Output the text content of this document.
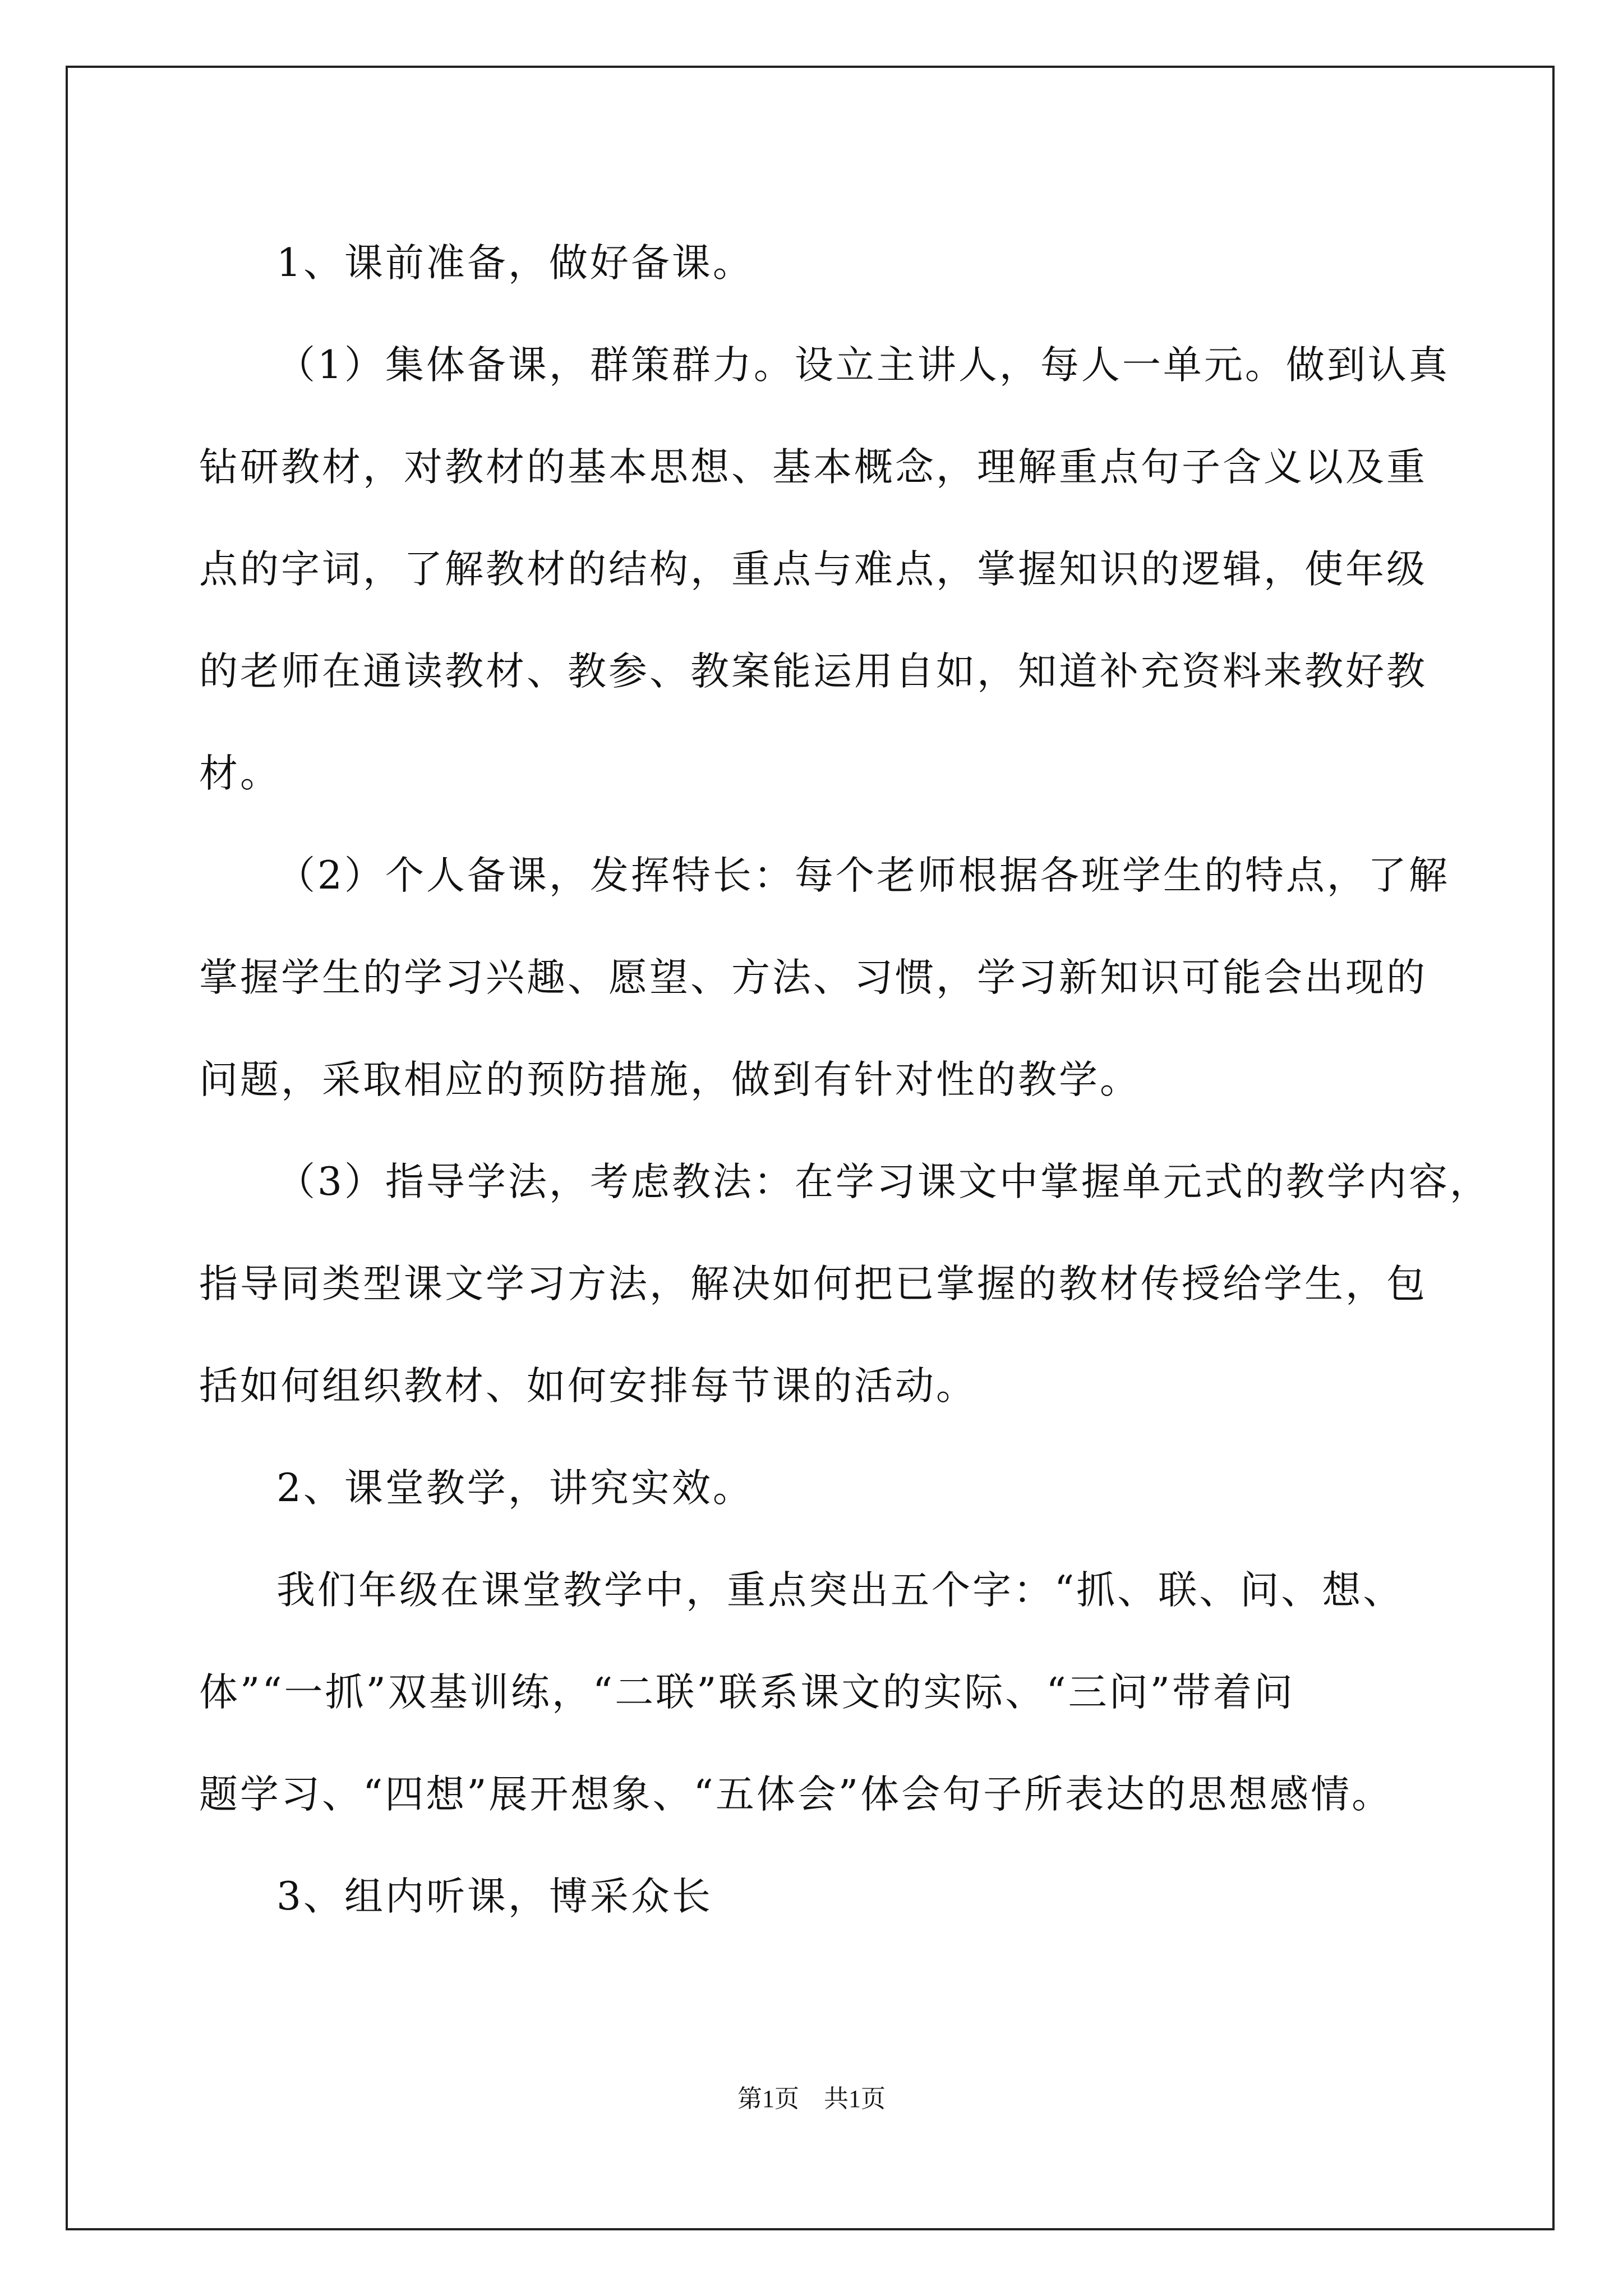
1、课前准备，做好备课。
（1）集体备课，群策群力。设立主讲人，每人一单元。做到认真
钻研教材，对教材的基本思想、基本概念，理解重点句子含义以及重
点的字词，了解教材的结构，重点与难点，掌握知识的逻辑，使年级
的老师在通读教材、教参、教案能运用自如，知道补充资料来教好教
材。
（2）个人备课，发挥特长：每个老师根据各班学生的特点，了解
掌握学生的学习兴趣、愿望、方法、习惯，学习新知识可能会出现的
问题，采取相应的预防措施，做到有针对性的教学。
（3）指导学法，考虑教法：在学习课文中掌握单元式的教学内容，
指导同类型课文学习方法，解决如何把已掌握的教材传授给学生，包
括如何组织教材、如何安排每节课的活动。
2、课堂教学，讲究实效。
我们年级在课堂教学中，重点突出五个字：“抓、联、问、想、
体”“一抓”双基训练，“二联”联系课文的实际、“三问”带着问
题学习、“四想”展开想象、“五体会”体会句子所表达的思想感情。
3、组内听课，博采众长
第1页　共1页
